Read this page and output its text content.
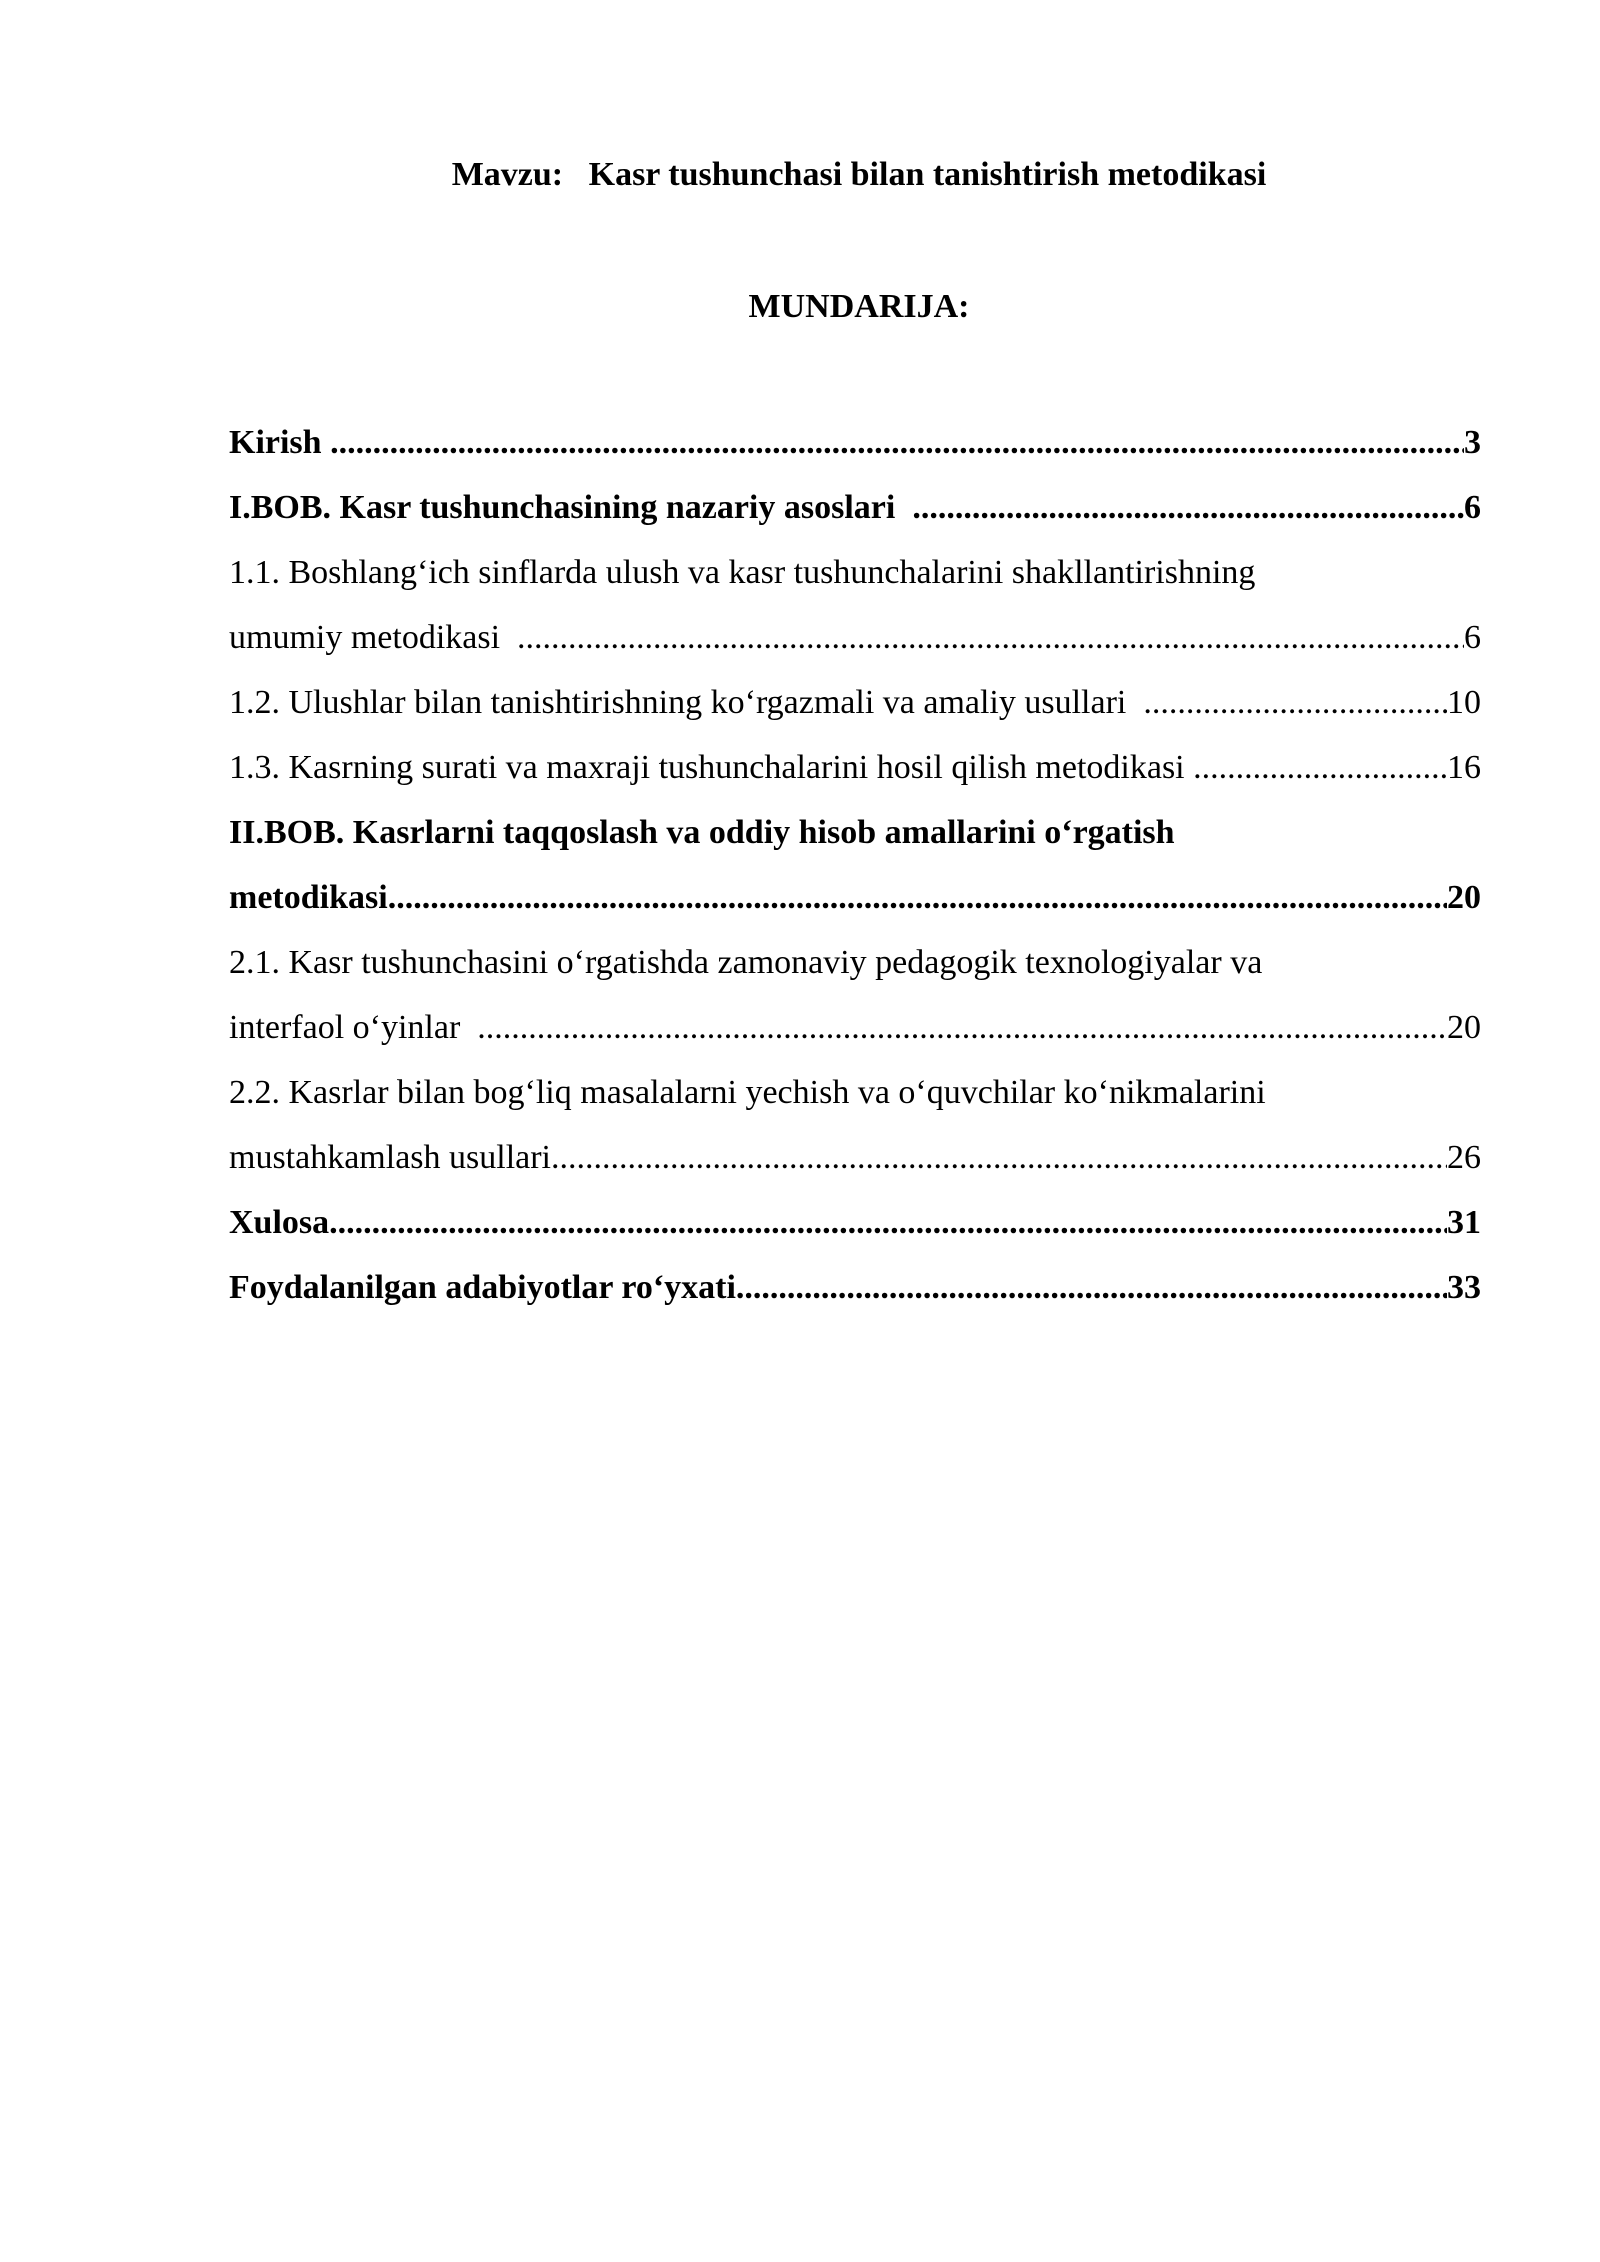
Mavzu:   Kasr tushunchasi bilan tanishtirish metodikasi
MUNDARIJA:
Kirish .....	3
I.BOB. Kasr tushunchasining nazariy asoslari .....	6
1.1. Boshlang‘ich sinflarda ulush va kasr tushunchalarini shakllantirishning
umumiy metodikasi .....	6
1.2. Ulushlar bilan tanishtirishning ko‘rgazmali va amaliy usullari .....	10
1.3. Kasrning surati va maxraji tushunchalarini hosil qilish metodikasi .....	16
II.BOB. Kasrlarni taqqoslash va oddiy hisob amallarini o‘rgatish
metodikasi .....	20
2.1. Kasr tushunchasini o‘rgatishda zamonaviy pedagogik texnologiyalar va
interfaol o‘yinlar .....	20
2.2. Kasrlar bilan bog‘liq masalalarni yechish va o‘quvchilar ko‘nikmalarini
mustahkamlash usullari .....	26
Xulosa .....	31
Foydalanilgan adabiyotlar ro‘yxati .....	33
